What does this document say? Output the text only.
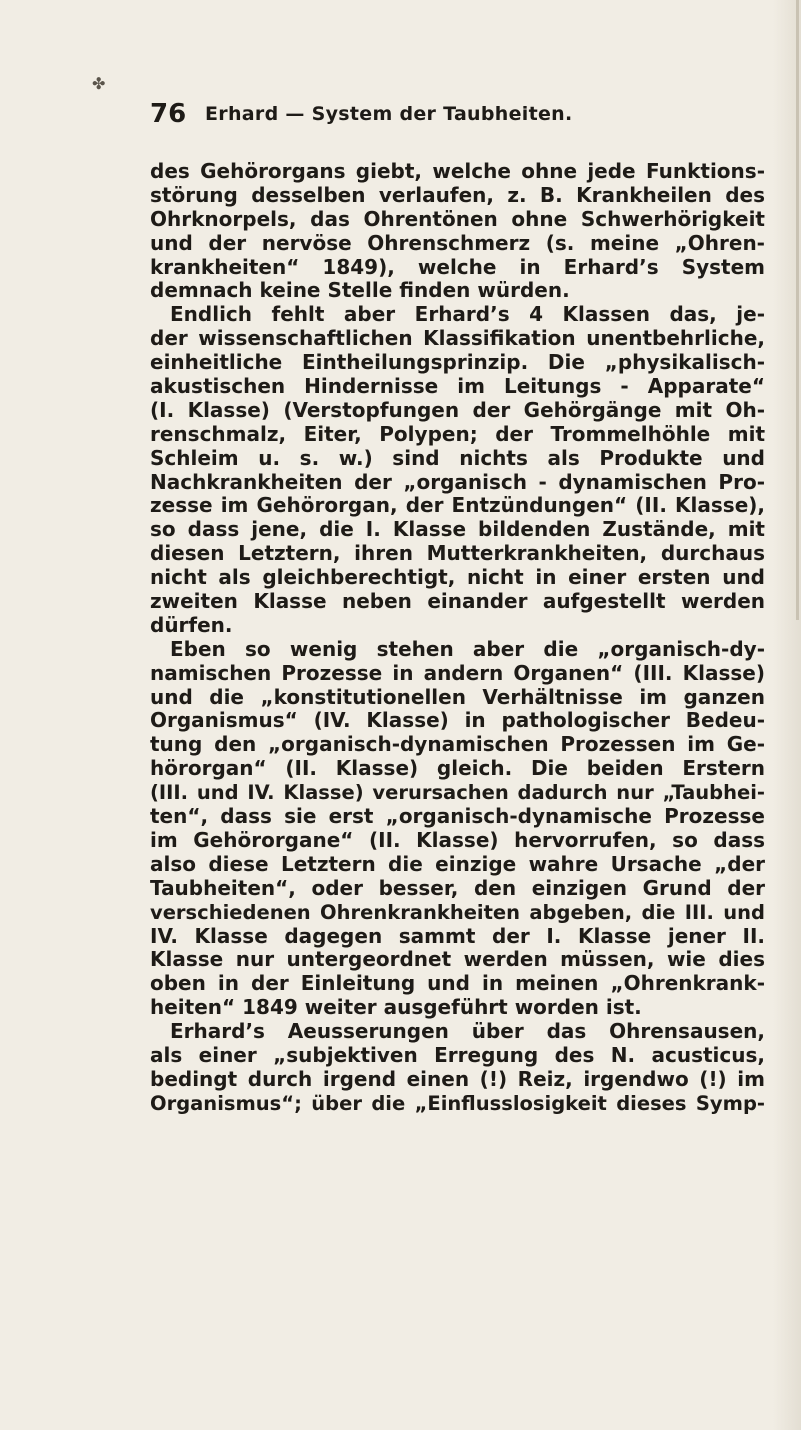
✤
76 Erhard — System der Taubheiten.
des Gehörorgans giebt, welche ohne jede Funktions-
störung desselben verlaufen, z. B. Krankheilen des
Ohrknorpels, das Ohrentönen ohne Schwerhörigkeit
und der nervöse Ohrenschmerz (s. meine „Ohren-
krankheiten“ 1849), welche in Erhard’s System
demnach keine Stelle finden würden.
Endlich fehlt aber Erhard’s 4 Klassen das, je-
der wissenschaftlichen Klassifikation unentbehrliche,
einheitliche Eintheilungsprinzip. Die „physikalisch-
akustischen Hindernisse im Leitungs - Apparate“
(I. Klasse) (Verstopfungen der Gehörgänge mit Oh-
renschmalz, Eiter, Polypen; der Trommelhöhle mit
Schleim u. s. w.) sind nichts als Produkte und
Nachkrankheiten der „organisch - dynamischen Pro-
zesse im Gehörorgan, der Entzündungen“ (II. Klasse),
so dass jene, die I. Klasse bildenden Zustände, mit
diesen Letztern, ihren Mutterkrankheiten, durchaus
nicht als gleichberechtigt, nicht in einer ersten und
zweiten Klasse neben einander aufgestellt werden
dürfen.
Eben so wenig stehen aber die „organisch-dy-
namischen Prozesse in andern Organen“ (III. Klasse)
und die „konstitutionellen Verhältnisse im ganzen
Organismus“ (IV. Klasse) in pathologischer Bedeu-
tung den „organisch-dynamischen Prozessen im Ge-
hörorgan“ (II. Klasse) gleich. Die beiden Erstern
(III. und IV. Klasse) verursachen dadurch nur „Taubhei-
ten“, dass sie erst „organisch-dynamische Prozesse
im Gehörorgane“ (II. Klasse) hervorrufen, so dass
also diese Letztern die einzige wahre Ursache „der
Taubheiten“, oder besser, den einzigen Grund der
verschiedenen Ohrenkrankheiten abgeben, die III. und
IV. Klasse dagegen sammt der I. Klasse jener II.
Klasse nur untergeordnet werden müssen, wie dies
oben in der Einleitung und in meinen „Ohrenkrank-
heiten“ 1849 weiter ausgeführt worden ist.
Erhard’s Aeusserungen über das Ohrensausen,
als einer „subjektiven Erregung des N. acusticus,
bedingt durch irgend einen (!) Reiz, irgendwo (!) im
Organismus“; über die „Einflusslosigkeit dieses Symp-
